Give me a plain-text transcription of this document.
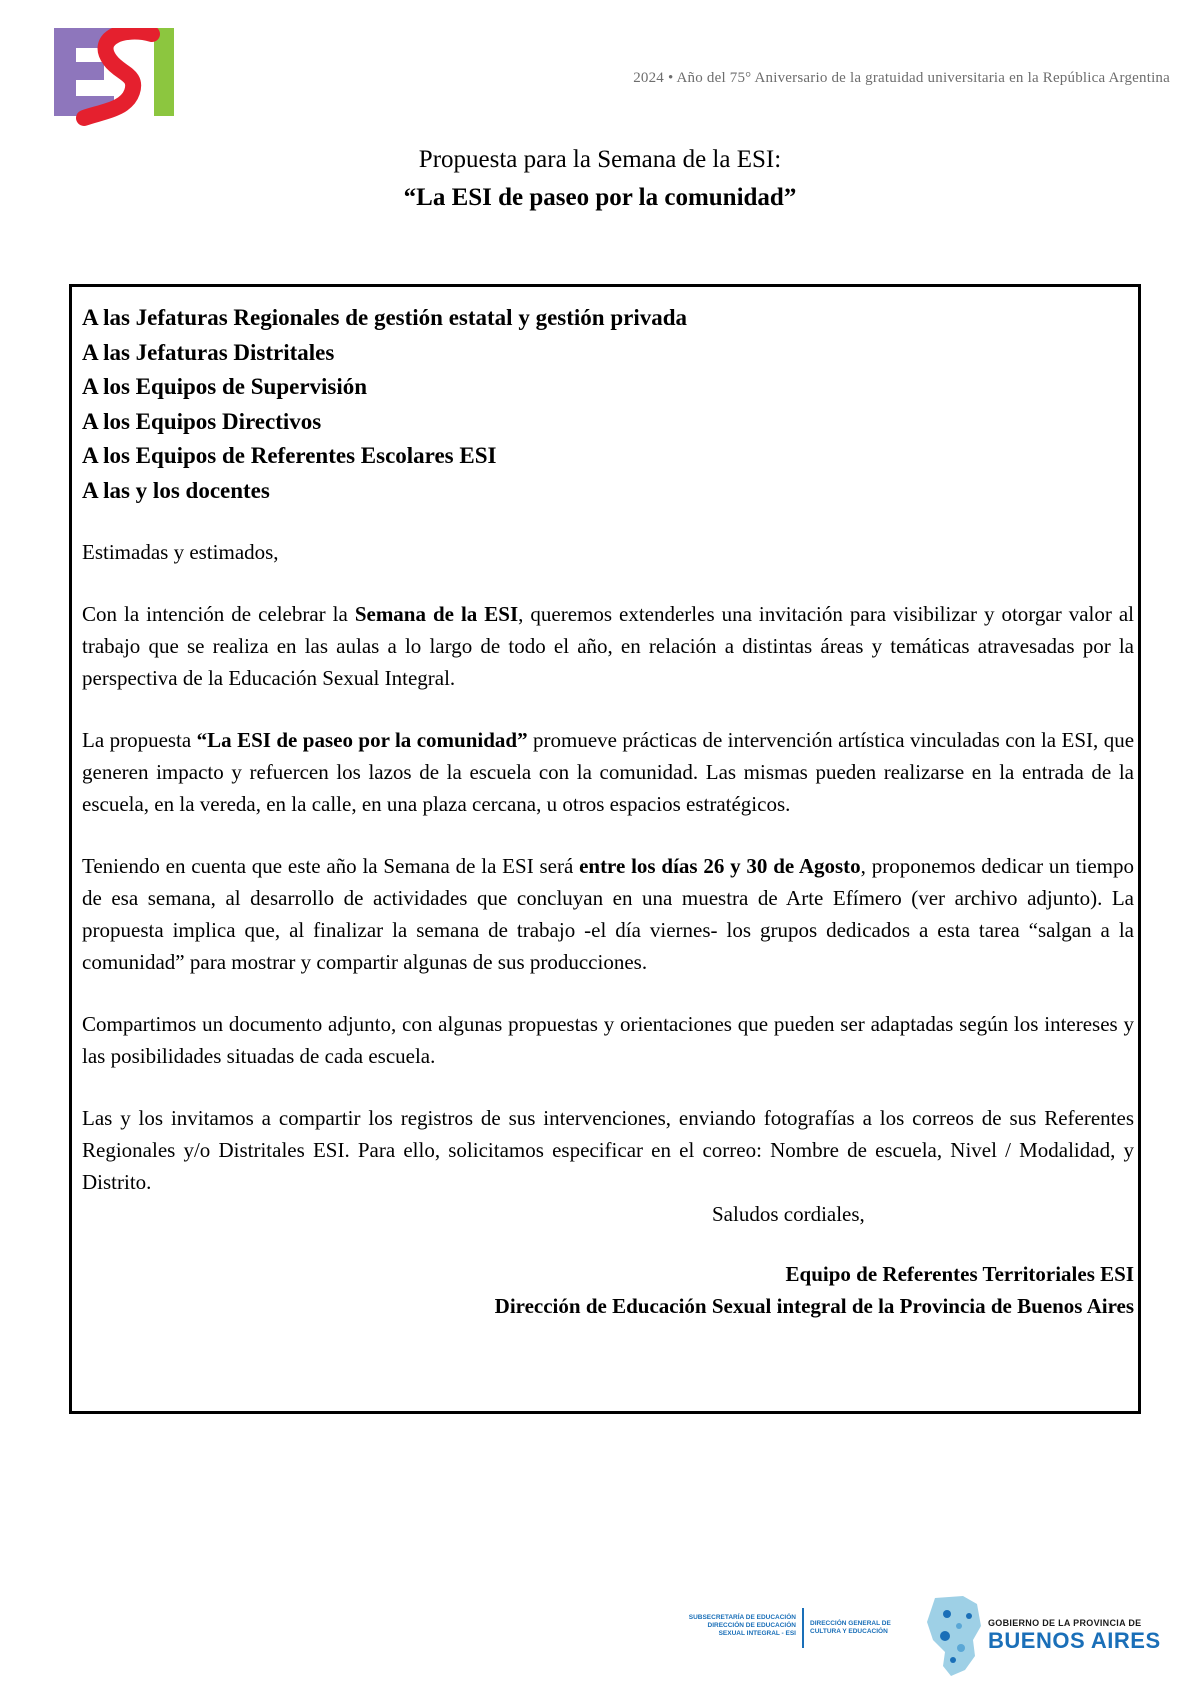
2024 • Año del 75° Aniversario de la gratuidad universitaria en la República Argentina
Propuesta para la Semana de la ESI:
“La ESI de paseo por la comunidad”
A las Jefaturas Regionales de gestión estatal y gestión privada
A las Jefaturas Distritales
A los Equipos de Supervisión
A los Equipos Directivos
A los Equipos de Referentes Escolares ESI
A las y los docentes
Estimadas y estimados,
Con la intención de celebrar la Semana de la ESI, queremos extenderles una invitación para visibilizar y otorgar valor al trabajo que se realiza en las aulas a lo largo de todo el año, en relación a distintas áreas y temáticas atravesadas por la perspectiva de la Educación Sexual Integral.
La propuesta “La ESI de paseo por la comunidad” promueve prácticas de intervención artística vinculadas con la ESI, que generen impacto y refuercen los lazos de la escuela con la comunidad. Las mismas pueden realizarse en la entrada de la escuela, en la vereda, en la calle, en una plaza cercana, u otros espacios estratégicos.
Teniendo en cuenta que este año la Semana de la ESI será entre los días 26 y 30 de Agosto, proponemos dedicar un tiempo de esa semana, al desarrollo de actividades que concluyan en una muestra de Arte Efímero (ver archivo adjunto). La propuesta implica que, al finalizar la semana de trabajo -el día viernes- los grupos dedicados a esta tarea “salgan a la comunidad” para mostrar y compartir algunas de sus producciones.
Compartimos un documento adjunto, con algunas propuestas y orientaciones que pueden ser adaptadas según los intereses y las posibilidades situadas de cada escuela.
Las y los invitamos a compartir los registros de sus intervenciones, enviando fotografías a los correos de sus Referentes Regionales y/o Distritales ESI. Para ello, solicitamos especificar en el correo: Nombre de escuela, Nivel / Modalidad, y Distrito.
Saludos cordiales,
Equipo de Referentes Territoriales ESI
Dirección de Educación Sexual integral de la Provincia de Buenos Aires
SUBSECRETARÍA DE EDUCACIÓN
DIRECCIÓN DE EDUCACIÓN
SEXUAL INTEGRAL - ESI
DIRECCIÓN GENERAL DE
CULTURA Y EDUCACIÓN
GOBIERNO DE LA PROVINCIA DE
BUENOS AIRES
